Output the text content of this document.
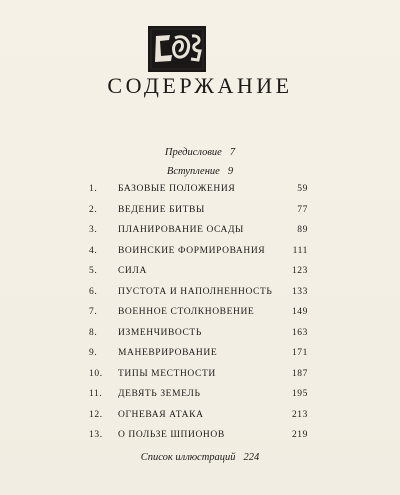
СОДЕРЖАНИЕ
Предисловие 7
Вступление 9
1.	БАЗОВЫЕ ПОЛОЖЕНИЯ	59
2.	ВЕДЕНИЕ БИТВЫ	77
3.	ПЛАНИРОВАНИЕ ОСАДЫ	89
4.	ВОИНСКИЕ ФОРМИРОВАНИЯ	111
5.	СИЛА	123
6.	ПУСТОТА И НАПОЛНЕННОСТЬ	133
7.	ВОЕННОЕ СТОЛКНОВЕНИЕ	149
8.	ИЗМЕНЧИВОСТЬ	163
9.	МАНЕВРИРОВАНИЕ	171
10.	ТИПЫ МЕСТНОСТИ	187
11.	ДЕВЯТЬ ЗЕМЕЛЬ	195
12.	ОГНЕВАЯ АТАКА	213
13.	О ПОЛЬЗЕ ШПИОНОВ	219
Список иллюстраций 224
